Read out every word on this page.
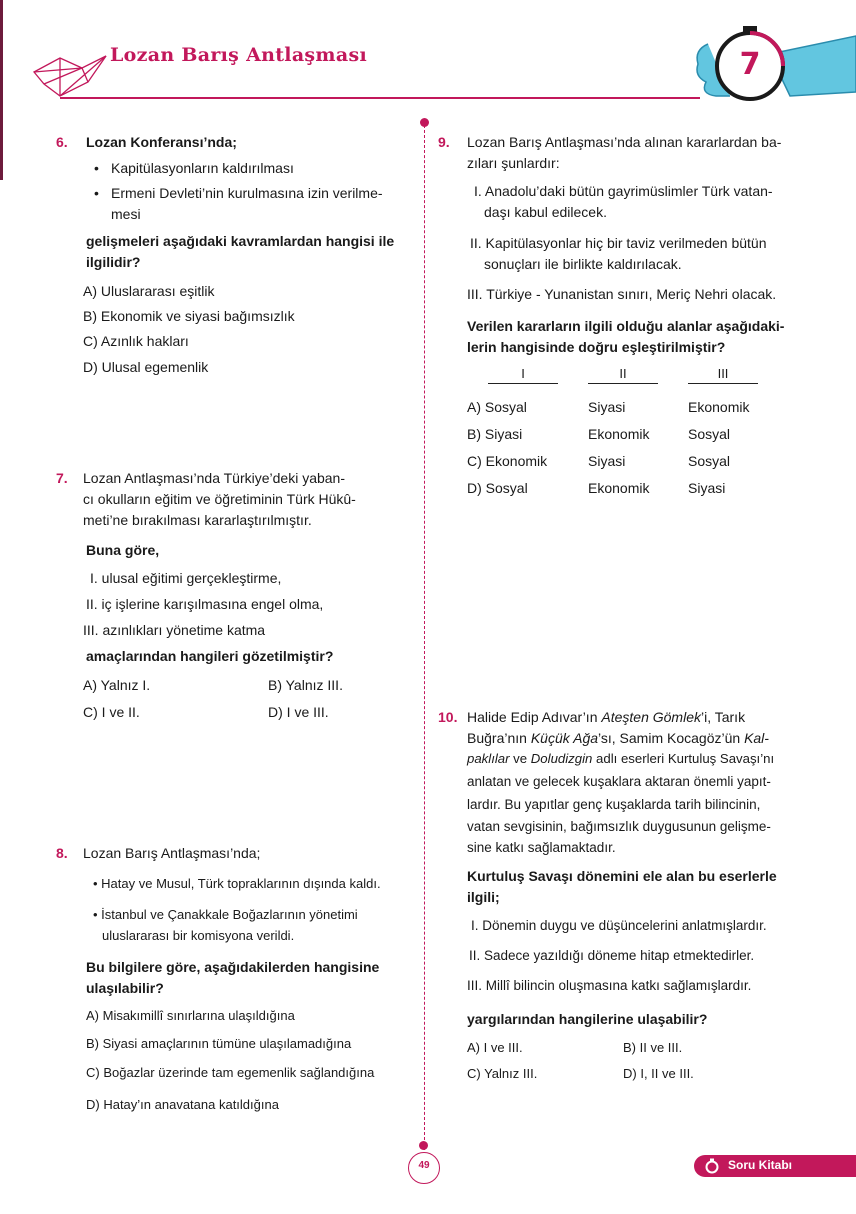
Lozan Barış Antlaşması	7
6. Lozan Konferansı’nda;
• Kapitülasyonların kaldırılması
• Ermeni Devleti’nin kurulmasına izin verilme-
mesi
gelişmeleri aşağıdaki kavramlardan hangisi ile
ilgilidir?
A) Uluslararası eşitlik
B) Ekonomik ve siyasi bağımsızlık
C) Azınlık hakları
D) Ulusal egemenlik
7. Lozan Antlaşması’nda Türkiye’deki yaban-
cı okulların eğitim ve öğretiminin Türk Hükû-
meti’ne bırakılması kararlaştırılmıştır.
Buna göre,
I. ulusal eğitimi gerçekleştirme,
II. iç işlerine karışılmasına engel olma,
III. azınlıkları yönetime katma
amaçlarından hangileri gözetilmiştir?
A) Yalnız I.	B) Yalnız III.
C) I ve II.	D) I ve III.
8. Lozan Barış Antlaşması’nda;
• Hatay ve Musul, Türk topraklarının dışında kaldı.
• İstanbul ve Çanakkale Boğazlarının yönetimi
uluslararası bir komisyona verildi.
Bu bilgilere göre, aşağıdakilerden hangisine
ulaşılabilir?
A) Misakımillî sınırlarına ulaşıldığına
B) Siyasi amaçlarının tümüne ulaşılamadığına
C) Boğazlar üzerinde tam egemenlik sağlandığına
D) Hatay’ın anavatana katıldığına
9. Lozan Barış Antlaşması’nda alınan kararlardan ba-
zıları şunlardır:
I. Anadolu’daki bütün gayrimüslimler Türk vatan-
daşı kabul edilecek.
II. Kapitülasyonlar hiç bir taviz verilmeden bütün
sonuçları ile birlikte kaldırılacak.
III. Türkiye - Yunanistan sınırı, Meriç Nehri olacak.
Verilen kararların ilgili olduğu alanlar aşağıdaki-
lerin hangisinde doğru eşleştirilmiştir?
I	II	III
A) Sosyal	Siyasi	Ekonomik
B) Siyasi	Ekonomik	Sosyal
C) Ekonomik	Siyasi	Sosyal
D) Sosyal	Ekonomik	Siyasi
10. Halide Edip Adıvar’ın Ateşten Gömlek’i, Tarık
Buğra’nın Küçük Ağa’sı, Samim Kocagöz’ün Kal-
paklılar ve Doludizgin adlı eserleri Kurtuluş Savaşı’nı
anlatan ve gelecek kuşaklara aktaran önemli yapıt-
lardır. Bu yapıtlar genç kuşaklarda tarih bilincinin,
vatan sevgisinin, bağımsızlık duygusunun gelişme-
sine katkı sağlamaktadır.
Kurtuluş Savaşı dönemini ele alan bu eserlerle
ilgili;
I. Dönemin duygu ve düşüncelerini anlatmışlardır.
II. Sadece yazıldığı döneme hitap etmektedirler.
III. Millî bilincin oluşmasına katkı sağlamışlardır.
yargılarından hangilerine ulaşabilir?
A) I ve III.	B) II ve III.
C) Yalnız III.	D) I, II ve III.
49	Soru Kitabı
